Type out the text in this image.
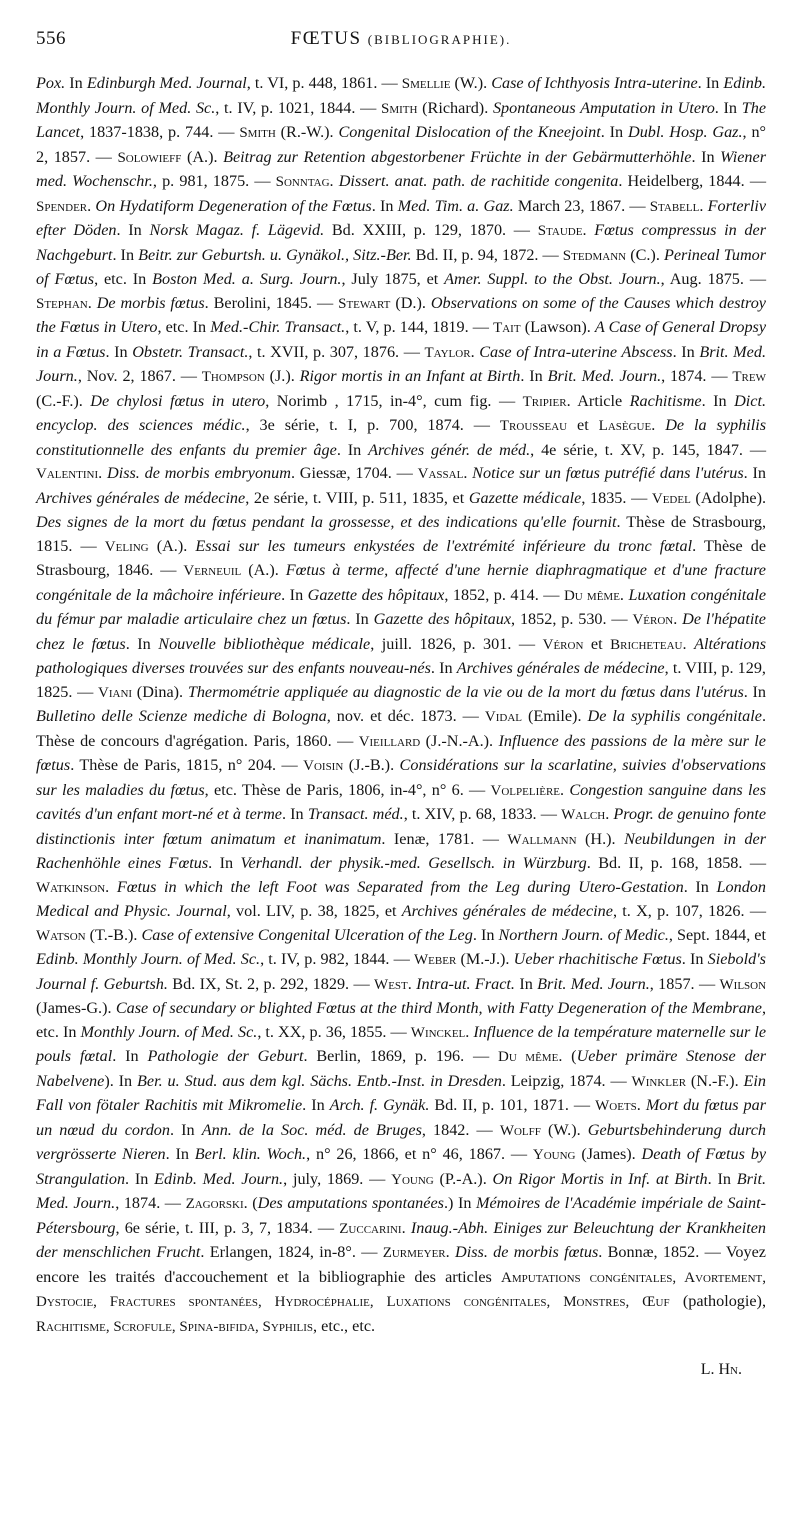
556	FŒTUS (BIBLIOGRAPHIE).
Pox. In Edinburgh Med. Journal, t. VI, p. 448, 1861. — Smellie (W.). Case of Ichthyosis Intra-uterine. In Edinb. Monthly Journ. of Med. Sc., t. IV, p. 1021, 1844. — Smith (Richard). Spontaneous Amputation in Utero. In The Lancet, 1837-1838, p. 744. — Smith (R.-W.). Congenital Dislocation of the Kneejoint. In Dubl. Hosp. Gaz., n° 2, 1857. — Solowieff (A.). Beitrag zur Retention abgestorbener Früchte in der Gebärmutterhöhle. In Wiener med. Wochenschr., p. 981, 1875. — Sonntag. Dissert. anat. path. de rachitide congenita. Heidelberg, 1844. — Spender. On Hydatiform Degeneration of the Fœtus. In Med. Tim. a. Gaz. March 23, 1867. — Stabell. Forterliv efter Döden. In Norsk Magaz. f. Lägevid. Bd. XXIII, p. 129, 1870. — Staude. Fœtus compressus in der Nachgeburt. In Beitr. zur Geburtsh. u. Gynäkol., Sitz.-Ber. Bd. II, p. 94, 1872. — Stedmann (C.). Perineal Tumor of Fœtus, etc. In Boston Med. a. Surg. Journ., July 1875, et Amer. Suppl. to the Obst. Journ., Aug. 1875. — Stephan. De morbis fœtus. Berolini, 1845. — Stewart (D.). Observations on some of the Causes which destroy the Fœtus in Utero, etc. In Med.-Chir. Transact., t. V, p. 144, 1819. — Tait (Lawson). A Case of General Dropsy in a Fœtus. In Obstetr. Transact., t. XVII, p. 307, 1876. — Taylor. Case of Intra-uterine Abscess. In Brit. Med. Journ., Nov. 2, 1867. — Thompson (J.). Rigor mortis in an Infant at Birth. In Brit. Med. Journ., 1874. — Trew (C.-F.). De chylosi fœtus in utero, Norimb , 1715, in-4°, cum fig. — Tripier. Article Rachitisme. In Dict. encyclop. des sciences médic., 3e série, t. I, p. 700, 1874. — Trousseau et Lasègue. De la syphilis constitutionnelle des enfants du premier âge. In Archives génér. de méd., 4e série, t. XV, p. 145, 1847. — Valentini. Diss. de morbis embryonum. Giessæ, 1704. — Vassal. Notice sur un fœtus putréfié dans l'utérus. In Archives générales de médecine, 2e série, t. VIII, p. 511, 1835, et Gazette médicale, 1835. — Vedel (Adolphe). Des signes de la mort du fœtus pendant la grossesse, et des indications qu'elle fournit. Thèse de Strasbourg, 1815. — Veling (A.). Essai sur les tumeurs enkystées de l'extrémité inférieure du tronc fœtal. Thèse de Strasbourg, 1846. — Verneuil (A.). Fœtus à terme, affecté d'une hernie diaphragmatique et d'une fracture congénitale de la mâchoire inférieure. In Gazette des hôpitaux, 1852, p. 414. — Du même. Luxation congénitale du fémur par maladie articulaire chez un fœtus. In Gazette des hôpitaux, 1852, p. 530. — Véron. De l'hépatite chez le fœtus. In Nouvelle bibliothèque médicale, juill. 1826, p. 301. — Véron et Bricheteau. Altérations pathologiques diverses trouvées sur des enfants nouveau-nés. In Archives générales de médecine, t. VIII, p. 129, 1825. — Viani (Dina). Thermométrie appliquée au diagnostic de la vie ou de la mort du fœtus dans l'utérus. In Bulletino delle Scienze mediche di Bologna, nov. et déc. 1873. — Vidal (Emile). De la syphilis congénitale. Thèse de concours d'agrégation. Paris, 1860. — Vieillard (J.-N.-A.). Influence des passions de la mère sur le fœtus. Thèse de Paris, 1815, n° 204. — Voisin (J.-B.). Considérations sur la scarlatine, suivies d'observations sur les maladies du fœtus, etc. Thèse de Paris, 1806, in-4°, n° 6. — Volpelière. Congestion sanguine dans les cavités d'un enfant mort-né et à terme. In Transact. méd., t. XIV, p. 68, 1833. — Walch. Progr. de genuino fonte distinctionis inter fœtum animatum et inanimatum. Ienæ, 1781. — Wallmann (H.). Neubildungen in der Rachenhöhle eines Fœtus. In Verhandl. der physik.-med. Gesellsch. in Würzburg. Bd. II, p. 168, 1858. — Watkinson. Fœtus in which the left Foot was Separated from the Leg during Utero-Gestation. In London Medical and Physic. Journal, vol. LIV, p. 38, 1825, et Archives générales de médecine, t. X, p. 107, 1826. — Watson (T.-B.). Case of extensive Congenital Ulceration of the Leg. In Northern Journ. of Medic., Sept. 1844, et Edinb. Monthly Journ. of Med. Sc., t. IV, p. 982, 1844. — Weber (M.-J.). Ueber rhachitische Fœtus. In Siebold's Journal f. Geburtsh. Bd. IX, St. 2, p. 292, 1829. — West. Intra-ut. Fract. In Brit. Med. Journ., 1857. — Wilson (James-G.). Case of secundary or blighted Fœtus at the third Month, with Fatty Degeneration of the Membrane, etc. In Monthly Journ. of Med. Sc., t. XX, p. 36, 1855. — Winckel. Influence de la température maternelle sur le pouls fœtal. In Pathologie der Geburt. Berlin, 1869, p. 196. — Du même. (Ueber primäre Stenose der Nabelvene). In Ber. u. Stud. aus dem kgl. Sächs. Entb.-Inst. in Dresden. Leipzig, 1874. — Winkler (N.-F.). Ein Fall von fötaler Rachitis mit Mikromelie. In Arch. f. Gynäk. Bd. II, p. 101, 1871. — Woets. Mort du fœtus par un nœud du cordon. In Ann. de la Soc. méd. de Bruges, 1842. — Wolff (W.). Geburtsbehinderung durch vergrösserte Nieren. In Berl. klin. Woch., n° 26, 1866, et n° 46, 1867. — Young (James). Death of Fœtus by Strangulation. In Edinb. Med. Journ., july, 1869. — Young (P.-A.). On Rigor Mortis in Inf. at Birth. In Brit. Med. Journ., 1874. — Zagorski. (Des amputations spontanées.) In Mémoires de l'Académie impériale de Saint-Pétersbourg, 6e série, t. III, p. 3, 7, 1834. — Zuccarini. Inaug.-Abh. Einiges zur Beleuchtung der Krankheiten der menschlichen Frucht. Erlangen, 1824, in-8°. — Zurmeyer. Diss. de morbis fœtus. Bonnæ, 1852. — Voyez encore les traités d'accouchement et la bibliographie des articles Amputations congénitales, Avortement, Dystocie, Fractures spontanées, Hydrocéphalie, Luxations congénitales, Monstres, Œuf (pathologie), Rachitisme, Scrofule, Spina-bifida, Syphilis, etc., etc.
L. Hn.
